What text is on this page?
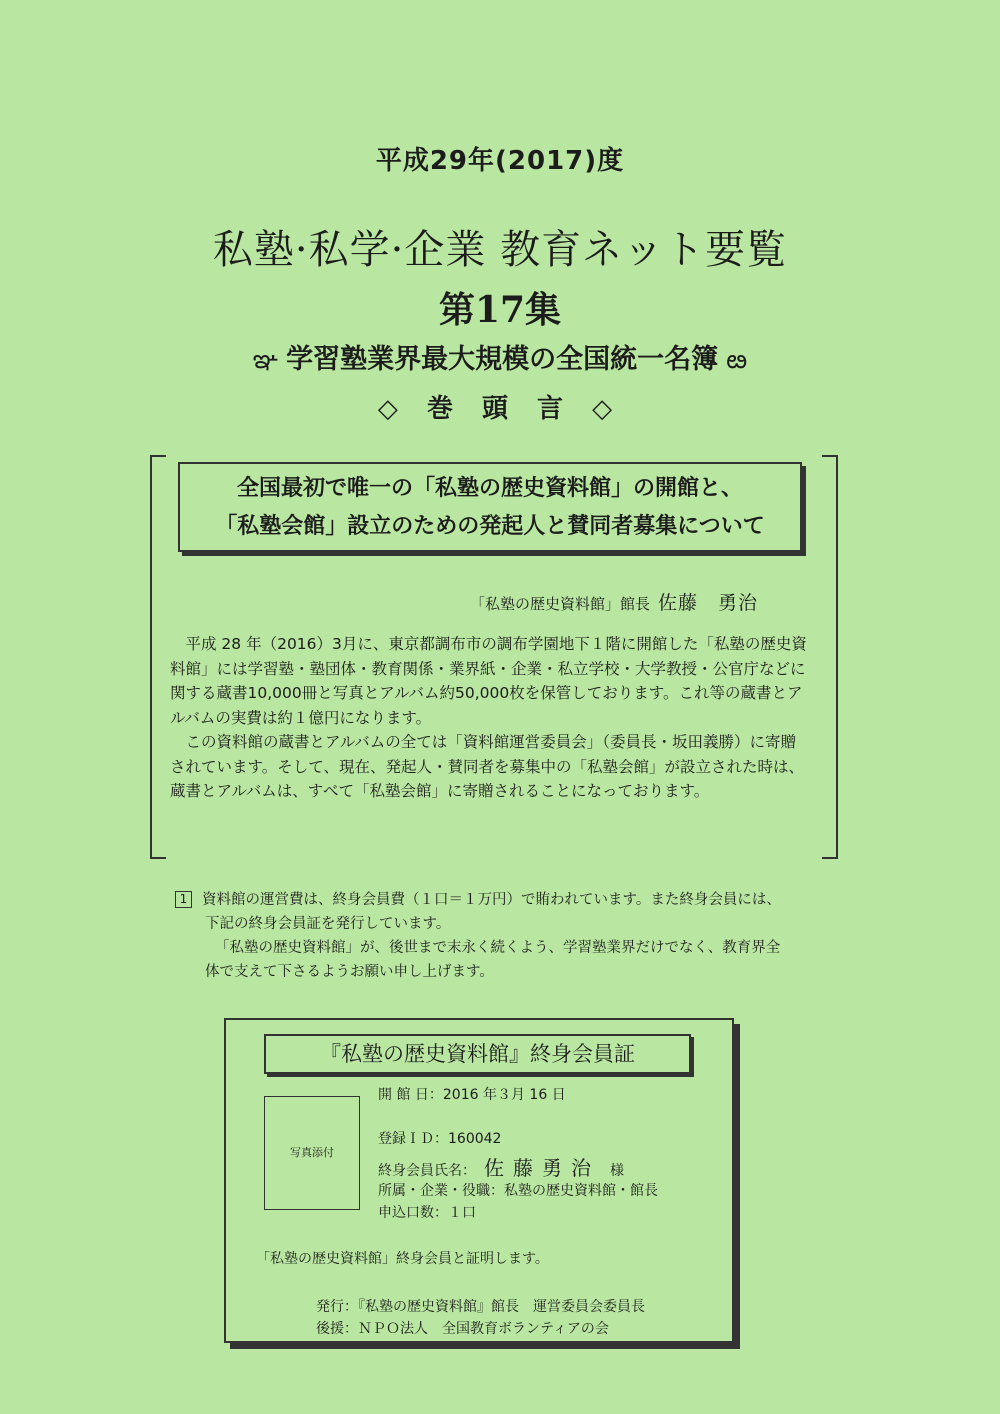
平成29年(2017)度
私塾·私学·企業 教育ネット要覧
第17集
ఞ 学習塾業界最大規模の全国統一名簿 ఴ
◇ 巻 頭 言 ◇
全国最初で唯一の「私塾の歴史資料館」の開館と、
「私塾会館」設立のための発起人と賛同者募集について
「私塾の歴史資料館」館長 佐藤　勇治

平成 28 年（2016）3月に、東京都調布市の調布学園地下１階に開館した「私塾の歴史資料館」には学習塾・塾団体・教育関係・業界紙・企業・私立学校・大学教授・公官庁などに関する蔵書10,000冊と写真とアルバム約50,000枚を保管しております。これ等の蔵書とアルバムの実費は約１億円になります。

この資料館の蔵書とアルバムの全ては「資料館運営委員会」（委員長・坂田義勝）に寄贈されています。そして、現在、発起人・賛同者を募集中の「私塾会館」が設立された時は、蔵書とアルバムは、すべて「私塾会館」に寄贈されることになっております。

1 資料館の運営費は、終身会員費（１口＝１万円）で賄われています。また終身会員には、

下記の終身会員証を発行しています。

「私塾の歴史資料館」が、後世まで末永く続くよう、学習塾業界だけでなく、教育界全

体で支えて下さるようお願い申し上げます。

『私塾の歴史資料館』終身会員証
写真添付
開 館 日：2016 年３月 16 日
登録ＩＤ：160042
終身会員氏名： 佐藤勇治 様
所属・企業・役職：私塾の歴史資料館・館長
申込口数：１口
「私塾の歴史資料館」終身会員と証明します。
発行：『私塾の歴史資料館』館長　運営委員会委員長
後援：ＮＰＯ法人　全国教育ボランティアの会
